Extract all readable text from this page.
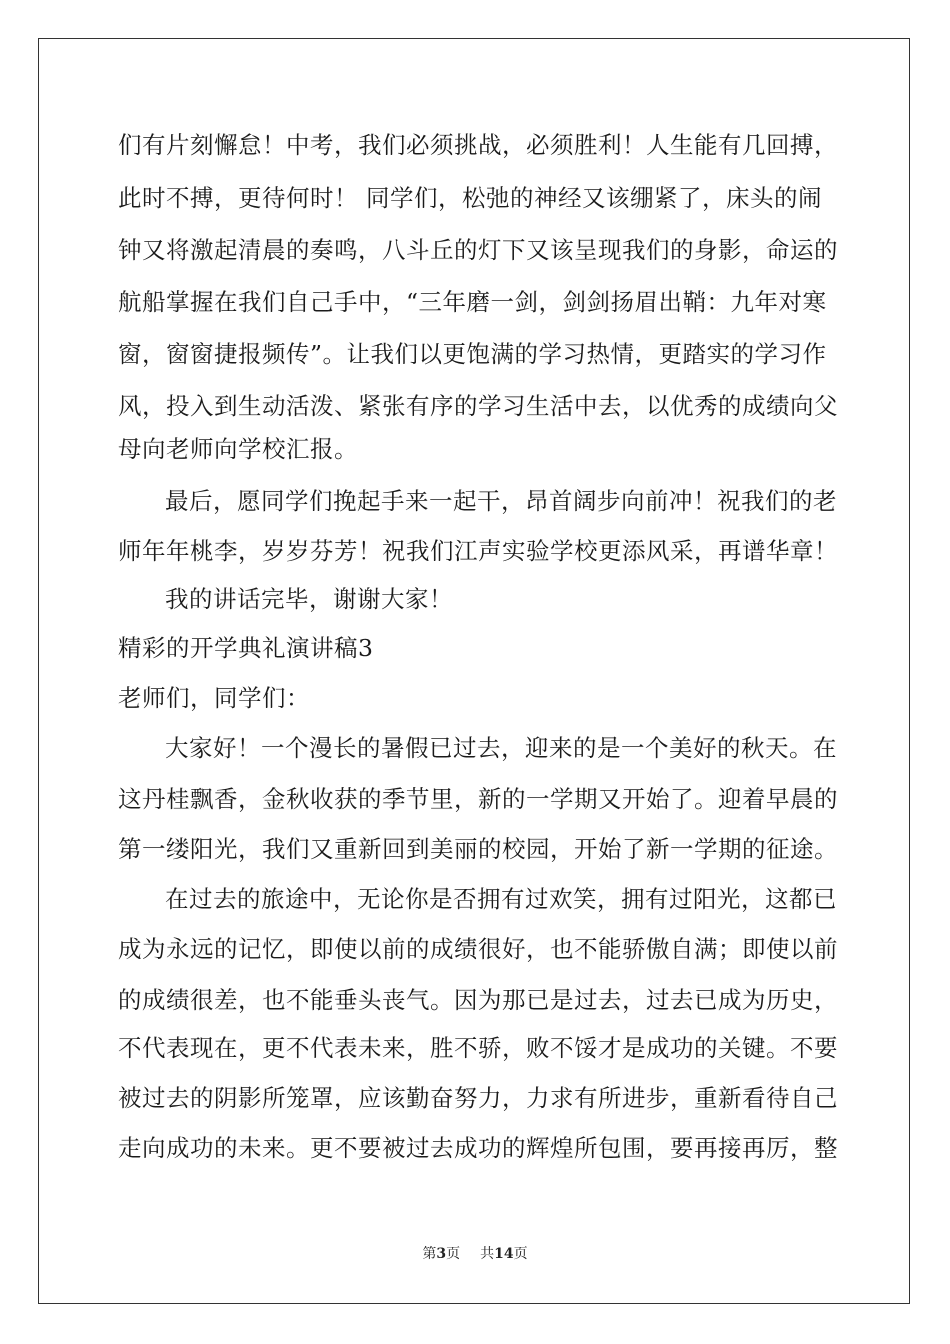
们有片刻懈怠！中考，我们必须挑战，必须胜利！人生能有几回搏，
此时不搏，更待何时！ 同学们，松弛的神经又该绷紧了，床头的闹
钟又将激起清晨的奏鸣，八斗丘的灯下又该呈现我们的身影，命运的
航船掌握在我们自己手中，“三年磨一剑，剑剑扬眉出鞘：九年对寒
窗，窗窗捷报频传”。让我们以更饱满的学习热情，更踏实的学习作
风，投入到生动活泼、紧张有序的学习生活中去，以优秀的成绩向父
母向老师向学校汇报。
最后，愿同学们挽起手来一起干，昂首阔步向前冲！祝我们的老
师年年桃李，岁岁芬芳！祝我们江声实验学校更添风采，再谱华章！
我的讲话完毕，谢谢大家！
精彩的开学典礼演讲稿3
老师们，同学们：
大家好！一个漫长的暑假已过去，迎来的是一个美好的秋天。在
这丹桂飘香，金秋收获的季节里，新的一学期又开始了。迎着早晨的
第一缕阳光，我们又重新回到美丽的校园，开始了新一学期的征途。
在过去的旅途中，无论你是否拥有过欢笑，拥有过阳光，这都已
成为永远的记忆，即使以前的成绩很好，也不能骄傲自满；即使以前
的成绩很差，也不能垂头丧气。因为那已是过去，过去已成为历史，
不代表现在，更不代表未来，胜不骄，败不馁才是成功的关键。不要
被过去的阴影所笼罩，应该勤奋努力，力求有所进步，重新看待自己
走向成功的未来。更不要被过去成功的辉煌所包围，要再接再厉，整
第3页 共14页
